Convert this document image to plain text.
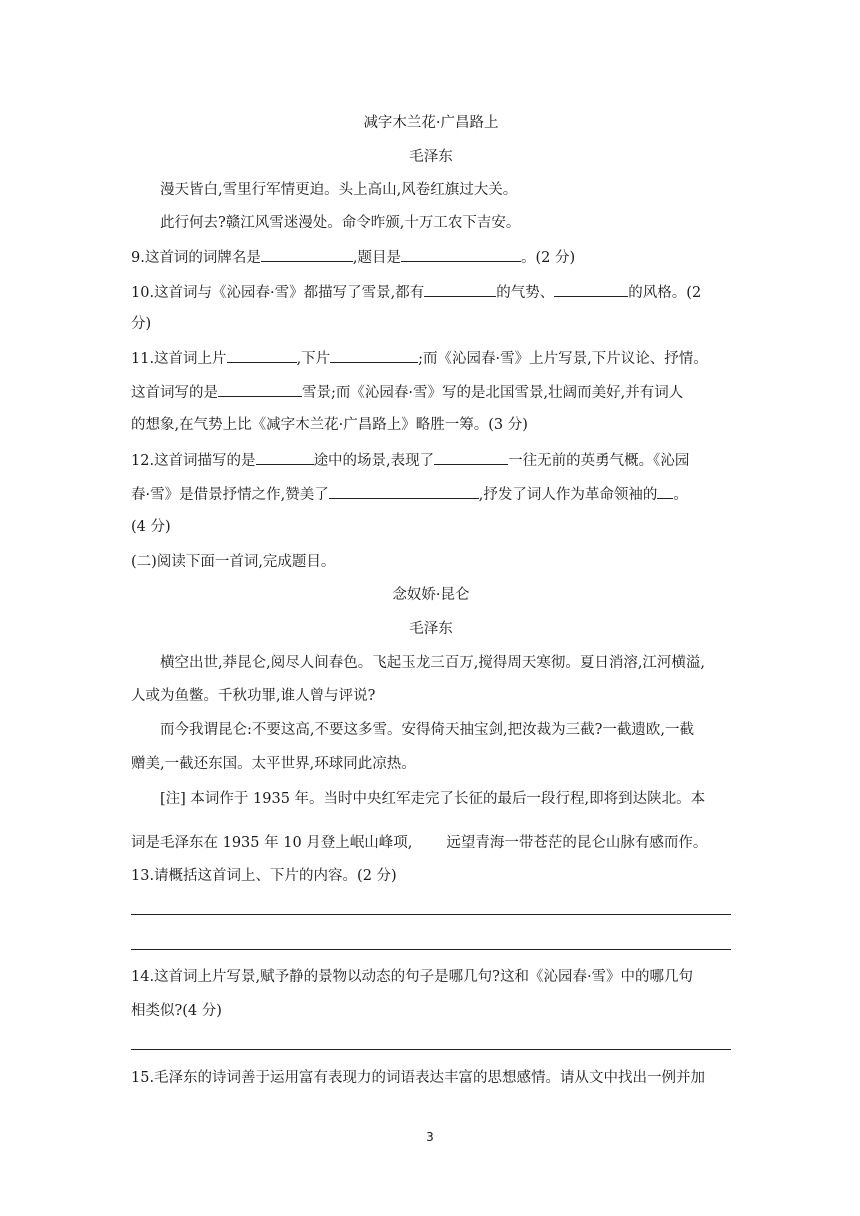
减字木兰花·广昌路上
毛泽东
漫天皆白,雪里行军情更迫。头上高山,风卷红旗过大关。
此行何去?赣江风雪迷漫处。命令昨颁,十万工农下吉安。
9.这首词的词牌名是	,题目是	。(2 分)
10.这首词与《沁园春·雪》都描写了雪景,都有	的气势、	的风格。(2
分)
11.这首词上片	,下片	;而《沁园春·雪》上片写景,下片议论、抒情。
这首词写的是	雪景;而《沁园春·雪》写的是北国雪景,壮阔而美好,并有词人
的想象,在气势上比《减字木兰花·广昌路上》略胜一筹。(3 分)
12.这首词描写的是	途中的场景,表现了	一往无前的英勇气概。《沁园
春·雪》是借景抒情之作,赞美了	,抒发了词人作为革命领袖的 。
(4 分)
(二)阅读下面一首词,完成题目。
念奴娇·昆仑
毛泽东
横空出世,莽昆仑,阅尽人间春色。飞起玉龙三百万,搅得周天寒彻。夏日消溶,江河横溢,
人或为鱼鳖。千秋功罪,谁人曾与评说?
而今我谓昆仑:不要这高,不要这多雪。安得倚天抽宝剑,把汝裁为三截?一截遗欧,一截
赠美,一截还东国。太平世界,环球同此凉热。
[注] 本词作于 1935 年。当时中央红军走完了长征的最后一段行程,即将到达陕北。本
词是毛泽东在 1935 年 10 月登上岷山峰项, 远望青海一带苍茫的昆仑山脉有感而作。
13.请概括这首词上、下片的内容。(2 分)
14.这首词上片写景,赋予静的景物以动态的句子是哪几句?这和《沁园春·雪》中的哪几句
相类似?(4 分)
15.毛泽东的诗词善于运用富有表现力的词语表达丰富的思想感情。请从文中找出一例并加
3
